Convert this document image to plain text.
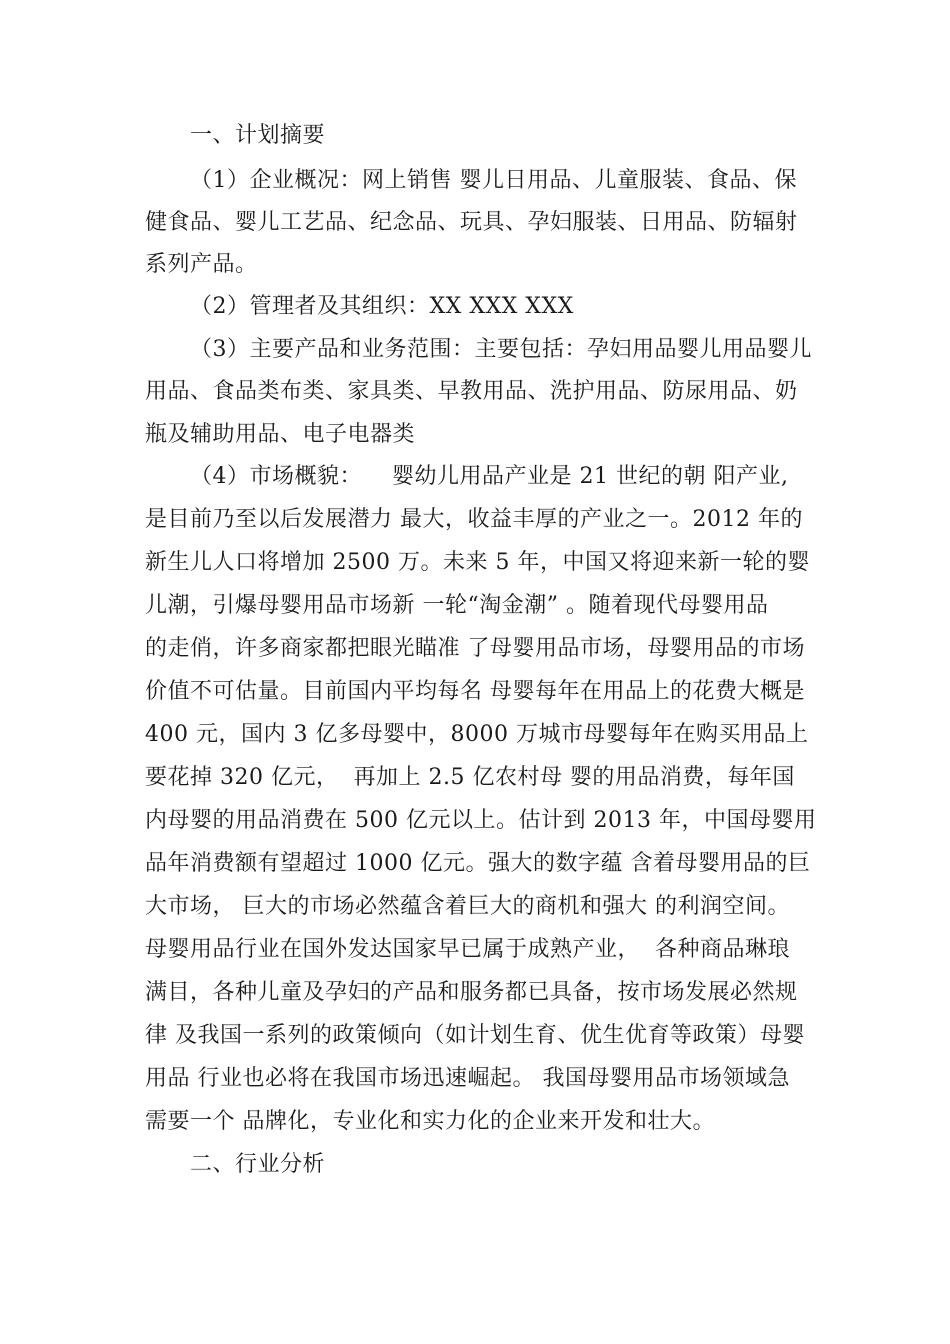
一、计划摘要
（1）企业概况：网上销售 婴儿日用品、儿童服装、食品、保
健食品、婴儿工艺品、纪念品、玩具、孕妇服装、日用品、防辐射
系列产品。
（2）管理者及其组织：XX XXX XXX
（3）主要产品和业务范围：主要包括：孕妇用品婴儿用品婴儿
用品、食品类布类、家具类、早教用品、洗护用品、防尿用品、奶
瓶及辅助用品、电子电器类
（4）市场概貌：    婴幼儿用品产业是 21 世纪的朝 阳产业,
是目前乃至以后发展潜力 最大，收益丰厚的产业之一。2012 年的
新生儿人口将增加 2500 万。未来 5 年，中国又将迎来新一轮的婴
儿潮，引爆母婴用品市场新 一轮“淘金潮” 。随着现代母婴用品
的走俏，许多商家都把眼光瞄准 了母婴用品市场，母婴用品的市场
价值不可估量。目前国内平均每名 母婴每年在用品上的花费大概是
400 元，国内 3 亿多母婴中，8000 万城市母婴每年在购买用品上
要花掉 320 亿元，  再加上 2.5 亿农村母 婴的用品消费，每年国
内母婴的用品消费在 500 亿元以上。估计到 2013 年，中国母婴用
品年消费额有望超过 1000 亿元。强大的数字蕴 含着母婴用品的巨
大市场， 巨大的市场必然蕴含着巨大的商机和强大 的利润空间。
母婴用品行业在国外发达国家早已属于成熟产业，  各种商品琳琅
满目，各种儿童及孕妇的产品和服务都已具备，按市场发展必然规
律 及我国一系列的政策倾向（如计划生育、优生优育等政策）母婴
用品 行业也必将在我国市场迅速崛起。 我国母婴用品市场领域急
需要一个 品牌化，专业化和实力化的企业来开发和壮大。
二、行业分析
